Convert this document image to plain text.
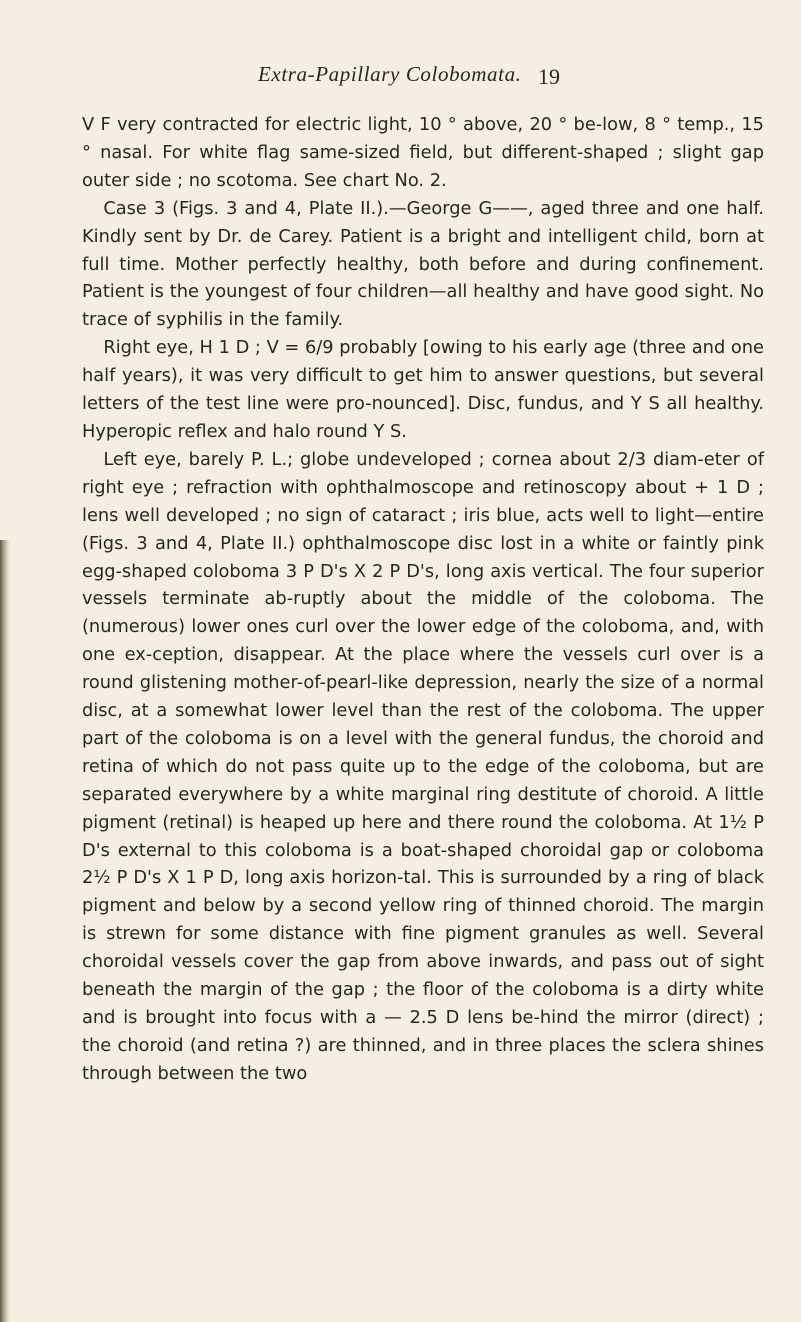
Extra-Papillary Colobomata. 19

V F very contracted for electric light, 10 ° above, 20 ° be-low, 8 ° temp., 15 ° nasal. For white flag same-sized field, but different-shaped ; slight gap outer side ; no scotoma. See chart No. 2.

Case 3 (Figs. 3 and 4, Plate II.).—George G——, aged three and one half. Kindly sent by Dr. de Carey. Patient is a bright and intelligent child, born at full time. Mother perfectly healthy, both before and during confinement. Patient is the youngest of four children—all healthy and have good sight. No trace of syphilis in the family.

Right eye, H 1 D ; V = 6/9 probably [owing to his early age (three and one half years), it was very difficult to get him to answer questions, but several letters of the test line were pro-nounced]. Disc, fundus, and Y S all healthy. Hyperopic reflex and halo round Y S.

Left eye, barely P. L.; globe undeveloped ; cornea about 2/3 diam-eter of right eye ; refraction with ophthalmoscope and retinoscopy about + 1 D ; lens well developed ; no sign of cataract ; iris blue, acts well to light—entire (Figs. 3 and 4, Plate II.) ophthalmoscope disc lost in a white or faintly pink egg-shaped coloboma 3 P D's X 2 P D's, long axis vertical. The four superior vessels terminate ab-ruptly about the middle of the coloboma. The (numerous) lower ones curl over the lower edge of the coloboma, and, with one ex-ception, disappear. At the place where the vessels curl over is a round glistening mother-of-pearl-like depression, nearly the size of a normal disc, at a somewhat lower level than the rest of the coloboma. The upper part of the coloboma is on a level with the general fundus, the choroid and retina of which do not pass quite up to the edge of the coloboma, but are separated everywhere by a white marginal ring destitute of choroid. A little pigment (retinal) is heaped up here and there round the coloboma. At 1½ P D's external to this coloboma is a boat-shaped choroidal gap or coloboma 2½ P D's X 1 P D, long axis horizon-tal. This is surrounded by a ring of black pigment and below by a second yellow ring of thinned choroid. The margin is strewn for some distance with fine pigment granules as well. Several choroidal vessels cover the gap from above inwards, and pass out of sight beneath the margin of the gap ; the floor of the coloboma is a dirty white and is brought into focus with a — 2.5 D lens be-hind the mirror (direct) ; the choroid (and retina ?) are thinned, and in three places the sclera shines through between the two
